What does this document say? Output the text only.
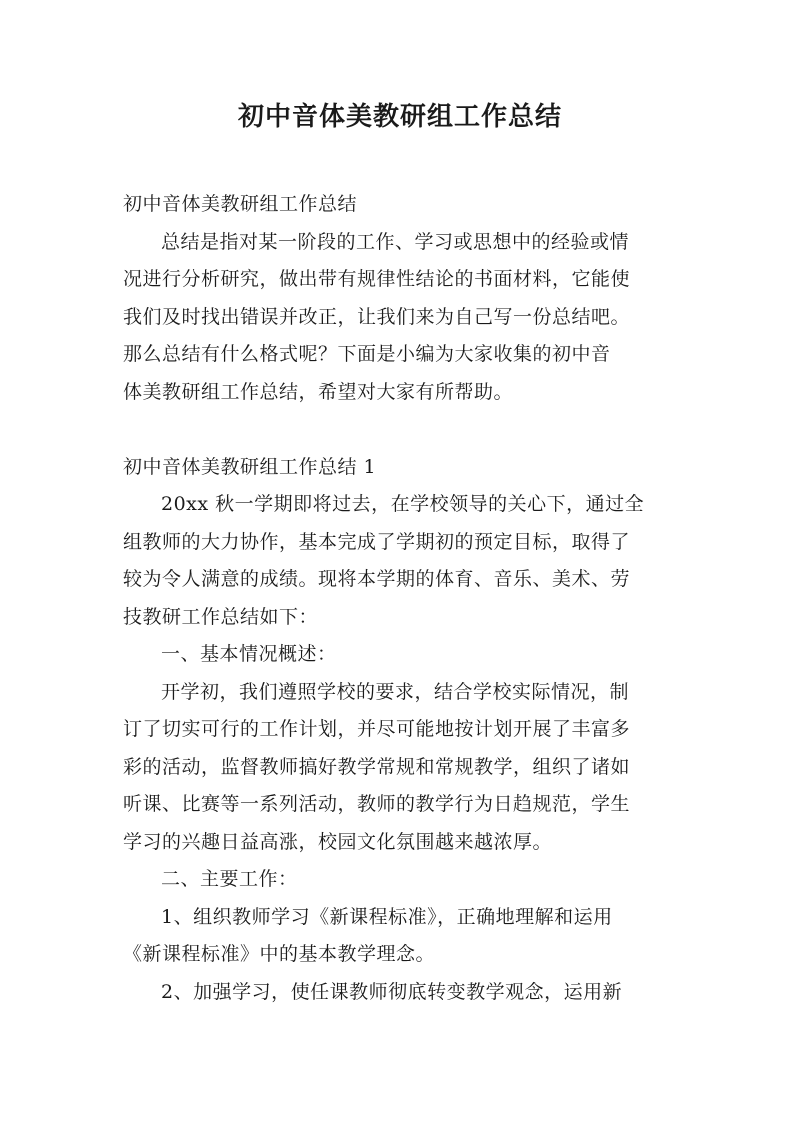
初中音体美教研组工作总结
初中音体美教研组工作总结
总结是指对某一阶段的工作、学习或思想中的经验或情
况进行分析研究，做出带有规律性结论的书面材料，它能使
我们及时找出错误并改正，让我们来为自己写一份总结吧。
那么总结有什么格式呢？下面是小编为大家收集的初中音
体美教研组工作总结，希望对大家有所帮助。
初中音体美教研组工作总结 1
20xx 秋一学期即将过去，在学校领导的关心下，通过全
组教师的大力协作，基本完成了学期初的预定目标，取得了
较为令人满意的成绩。现将本学期的体育、音乐、美术、劳
技教研工作总结如下：
一、基本情况概述：
开学初，我们遵照学校的要求，结合学校实际情况，制
订了切实可行的工作计划，并尽可能地按计划开展了丰富多
彩的活动，监督教师搞好教学常规和常规教学，组织了诸如
听课、比赛等一系列活动，教师的教学行为日趋规范，学生
学习的兴趣日益高涨，校园文化氛围越来越浓厚。
二、主要工作：
1、组织教师学习《新课程标准》，正确地理解和运用
《新课程标准》中的基本教学理念。
2、加强学习，使任课教师彻底转变教学观念，运用新
